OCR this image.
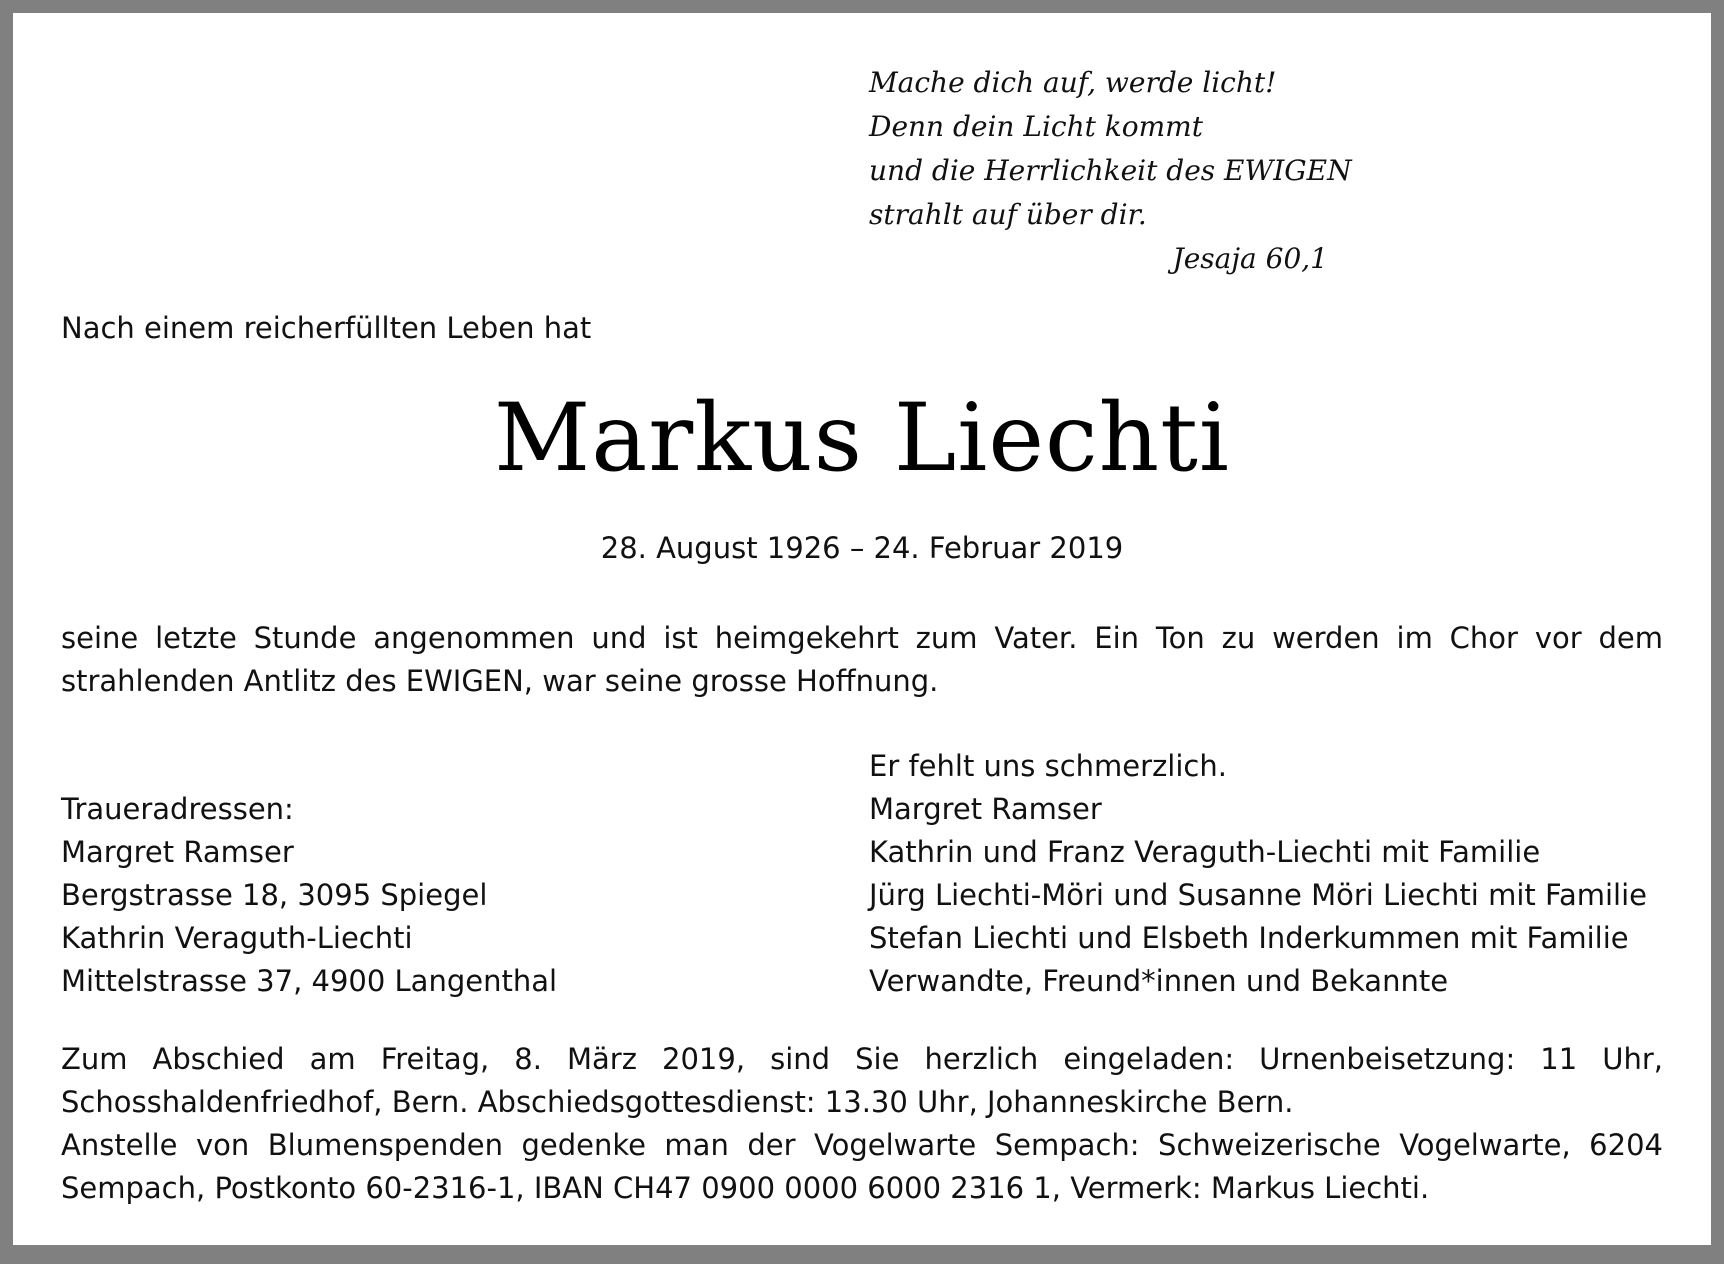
Mache dich auf, werde licht!
Denn dein Licht kommt
und die Herrlichkeit des EWIGEN
strahlt auf über dir.
Jesaja 60,1
Nach einem reicherfüllten Leben hat
Markus Liechti
28. August 1926 – 24. Februar 2019
seine letzte Stunde angenommen und ist heimgekehrt zum Vater. Ein Ton zu werden im Chor vor dem strahlenden Antlitz des EWIGEN, war seine grosse Hoffnung.
Er fehlt uns schmerzlich.
Margret Ramser
Kathrin und Franz Veraguth-Liechti mit Familie
Jürg Liechti-Möri und Susanne Möri Liechti mit Familie
Stefan Liechti und Elsbeth Inderkummen mit Familie
Verwandte, Freund*innen und Bekannte
Traueradressen:
Margret Ramser
Bergstrasse 18, 3095 Spiegel
Kathrin Veraguth-Liechti
Mittelstrasse 37, 4900 Langenthal
Zum Abschied am Freitag, 8. März 2019, sind Sie herzlich eingeladen: Urnenbeisetzung: 11 Uhr, Schosshaldenfriedhof, Bern. Abschiedsgottesdienst: 13.30 Uhr, Johanneskirche Bern.
Anstelle von Blumenspenden gedenke man der Vogelwarte Sempach: Schweizerische Vogelwarte, 6204 Sempach, Postkonto 60-2316-1, IBAN CH47 0900 0000 6000 2316 1, Vermerk: Markus Liechti.
